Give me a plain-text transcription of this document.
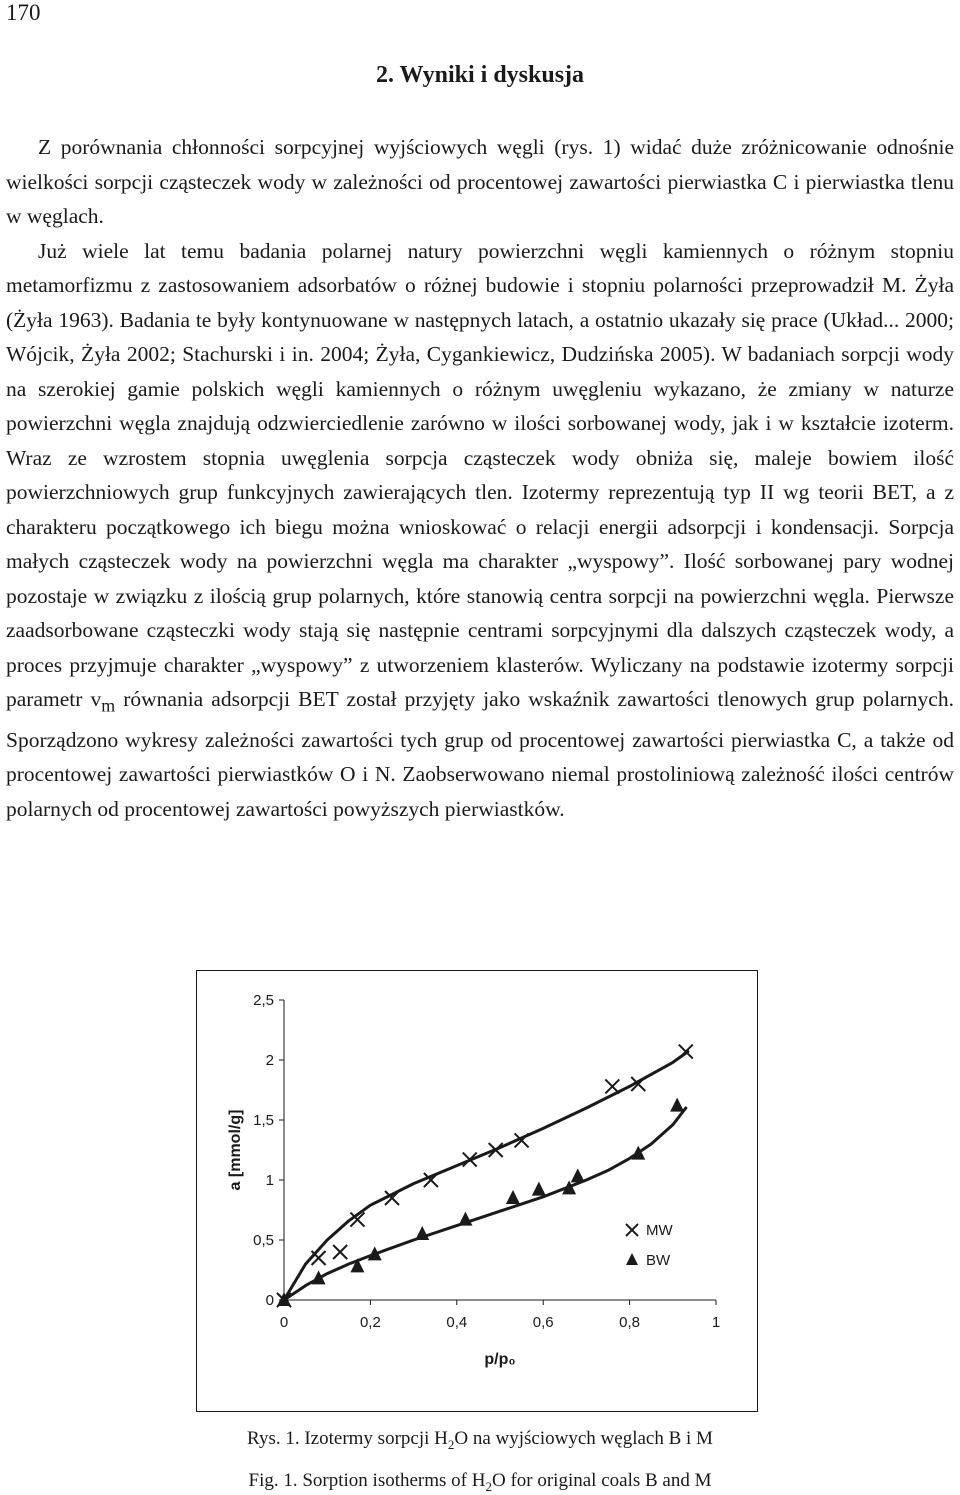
170
2. Wyniki i dyskusja

Z porównania chłonności sorpcyjnej wyjściowych węgli (rys. 1) widać duże zróżnicowanie odnośnie wielkości sorpcji cząsteczek wody w zależności od procentowej zawartości pierwiastka C i pierwiastka tlenu w węglach.

Już wiele lat temu badania polarnej natury powierzchni węgli kamiennych o różnym stopniu metamorfizmu z zastosowaniem adsorbatów o różnej budowie i stopniu polarności przeprowadził M. Żyła (Żyła 1963). Badania te były kontynuowane w następnych latach, a ostatnio ukazały się prace (Układ... 2000; Wójcik, Żyła 2002; Stachurski i in. 2004; Żyła, Cygankiewicz, Dudzińska 2005). W badaniach sorpcji wody na szerokiej gamie polskich węgli kamiennych o różnym uwęgleniu wykazano, że zmiany w naturze powierzchni węgla znajdują odzwierciedlenie zarówno w ilości sorbowanej wody, jak i w kształcie izoterm. Wraz ze wzrostem stopnia uwęglenia sorpcja cząsteczek wody obniża się, maleje bowiem ilość powierzchniowych grup funkcyjnych zawierających tlen. Izotermy reprezentują typ II wg teorii BET, a z charakteru początkowego ich biegu można wnioskować o relacji energii adsorpcji i kondensacji. Sorpcja małych cząsteczek wody na powierzchni węgla ma charakter „wyspowy”. Ilość sorbowanej pary wodnej pozostaje w związku z ilością grup polarnych, które stanowią centra sorpcji na powierzchni węgla. Pierwsze zaadsorbowane cząsteczki wody stają się następnie centrami sorpcyjnymi dla dalszych cząsteczek wody, a proces przyjmuje charakter „wyspowy” z utworzeniem klasterów. Wyliczany na podstawie izotermy sorpcji parametr $v_m$ równania adsorpcji BET został przyjęty jako wskaźnik zawartości tlenowych grup polarnych. Sporządzono wykresy zależności zawartości tych grup od procentowej zawartości pierwiastka C, a także od procentowej zawartości pierwiastków O i N. Zaobserwowano niemal prostoliniową zależność ilości centrów polarnych od procentowej zawartości powyższych pierwiastków.

0
0,5
1
1,5
2
2,5
0	0,2	0,4	0,6	0,8	1
p/p₀
a [mmol/g]
MW
BW
Rys. 1. Izotermy sorpcji $H_2O$ na wyjściowych węglach B i M
Fig. 1. Sorption isotherms of $H_2O$ for original coals B and M
